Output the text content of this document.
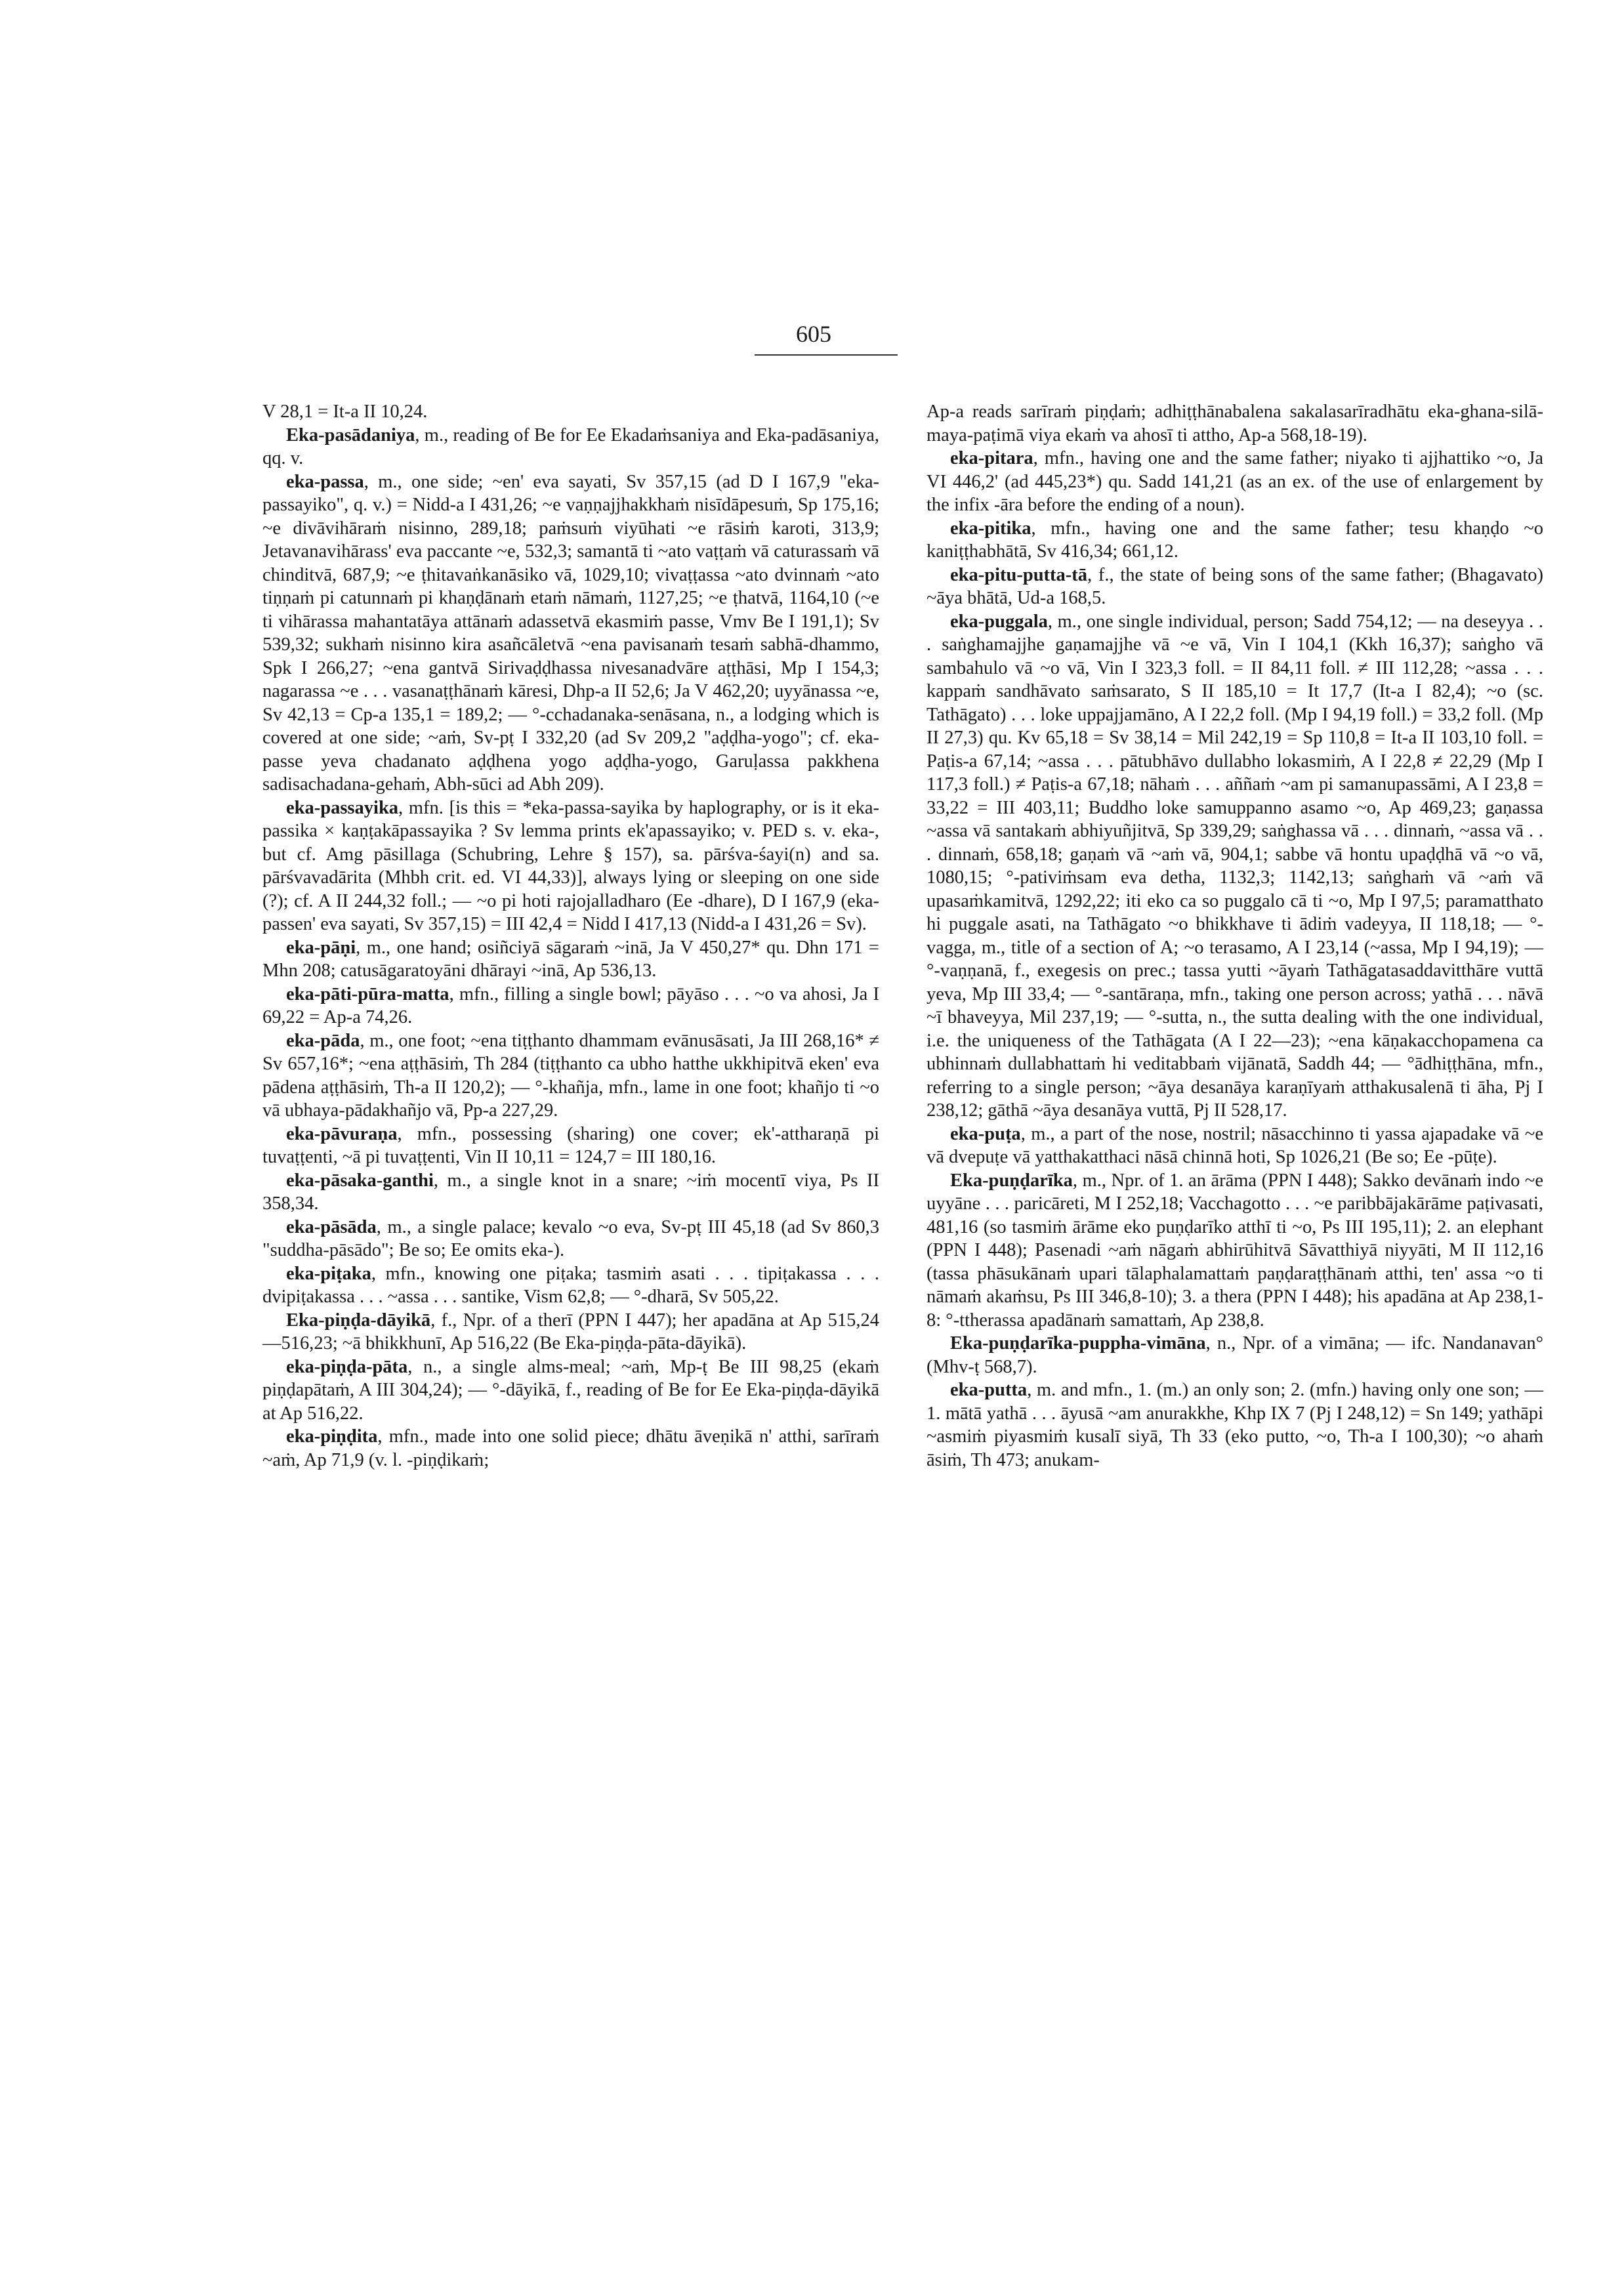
605

V 28,1 = It-a II 10,24.

Eka-pasādaniya, m., reading of Be for Ee Ekadaṁsaniya and Eka-padāsaniya, qq. v.

eka-passa, m., one side; ~en' eva sayati, Sv 357,15 (ad D I 167,9 "eka-passayiko", q. v.) = Nidd-a I 431,26; ~e vaṇṇajjhakkhaṁ nisīdāpesuṁ, Sp 175,16; ~e divāvihāraṁ nisinno, 289,18; paṁsuṁ viyūhati ~e rāsiṁ karoti, 313,9; Jetavanavihārass' eva paccante ~e, 532,3; samantā ti ~ato vaṭṭaṁ vā caturassaṁ vā chinditvā, 687,9; ~e ṭhitavaṅkanāsiko vā, 1029,10; vivaṭṭassa ~ato dvinnaṁ ~ato tiṇṇaṁ pi catunnaṁ pi khaṇḍānaṁ etaṁ nāmaṁ, 1127,25; ~e ṭhatvā, 1164,10 (~e ti vihārassa mahantatāya attānaṁ adassetvā ekasmiṁ passe, Vmv Be I 191,1); Sv 539,32; sukhaṁ nisinno kira asañcāletvā ~ena pavisanaṁ tesaṁ sabhā-dhammo, Spk I 266,27; ~ena gantvā Sirivaḍḍhassa nivesanadvāre aṭṭhāsi, Mp I 154,3; nagarassa ~e . . . vasanaṭṭhānaṁ kāresi, Dhp-a II 52,6; Ja V 462,20; uyyānassa ~e, Sv 42,13 = Cp-a 135,1 = 189,2; — °-cchadanaka-senāsana, n., a lodging which is covered at one side; ~aṁ, Sv-pṭ I 332,20 (ad Sv 209,2 "aḍḍha-yogo"; cf. eka-passe yeva chadanato aḍḍhena yogo aḍḍha-yogo, Garuḷassa pakkhena sadisachadana-gehaṁ, Abh-sūci ad Abh 209).

eka-passayika, mfn. [is this = *eka-passa-sayika by haplography, or is it eka-passika × kaṇṭakāpassayika ? Sv lemma prints ek'apassayiko; v. PED s. v. eka-, but cf. Amg pāsillaga (Schubring, Lehre § 157), sa. pārśva-śayi(n) and sa. pārśvavadārita (Mhbh crit. ed. VI 44,33)], always lying or sleeping on one side (?); cf. A II 244,32 foll.; — ~o pi hoti rajojalladharo (Ee -dhare), D I 167,9 (eka-passen' eva sayati, Sv 357,15) = III 42,4 = Nidd I 417,13 (Nidd-a I 431,26 = Sv).

eka-pāṇi, m., one hand; osiñciyā sāgaraṁ ~inā, Ja V 450,27* qu. Dhn 171 = Mhn 208; catusāgaratoyāni dhārayi ~inā, Ap 536,13.

eka-pāti-pūra-matta, mfn., filling a single bowl; pāyāso . . . ~o va ahosi, Ja I 69,22 = Ap-a 74,26.

eka-pāda, m., one foot; ~ena tiṭṭhanto dhammam evānusāsati, Ja III 268,16* ≠ Sv 657,16*; ~ena aṭṭhāsiṁ, Th 284 (tiṭṭhanto ca ubho hatthe ukkhipitvā eken' eva pādena aṭṭhāsiṁ, Th-a II 120,2); — °-khañja, mfn., lame in one foot; khañjo ti ~o vā ubhaya-pādakhañjo vā, Pp-a 227,29.

eka-pāvuraṇa, mfn., possessing (sharing) one cover; ek'-attharaṇā pi tuvaṭṭenti, ~ā pi tuvaṭṭenti, Vin II 10,11 = 124,7 = III 180,16.

eka-pāsaka-ganthi, m., a single knot in a snare; ~iṁ mocentī viya, Ps II 358,34.

eka-pāsāda, m., a single palace; kevalo ~o eva, Sv-pṭ III 45,18 (ad Sv 860,3 "suddha-pāsādo"; Be so; Ee omits eka-).

eka-piṭaka, mfn., knowing one piṭaka; tasmiṁ asati . . . tipiṭakassa . . . dvipiṭakassa . . . ~assa . . . santike, Vism 62,8; — °-dharā, Sv 505,22.

Eka-piṇḍa-dāyikā, f., Npr. of a therī (PPN I 447); her apadāna at Ap 515,24—516,23; ~ā bhikkhunī, Ap 516,22 (Be Eka-piṇḍa-pāta-dāyikā).

eka-piṇḍa-pāta, n., a single alms-meal; ~aṁ, Mp-ṭ Be III 98,25 (ekaṁ piṇḍapātaṁ, A III 304,24); — °-dāyikā, f., reading of Be for Ee Eka-piṇḍa-dāyikā at Ap 516,22.

eka-piṇḍita, mfn., made into one solid piece; dhātu āveṇikā n' atthi, sarīraṁ ~aṁ, Ap 71,9 (v. l. -piṇḍikaṁ;

Ap-a reads sarīraṁ piṇḍaṁ; adhiṭṭhānabalena sakalasarīradhātu eka-ghana-silā-maya-paṭimā viya ekaṁ va ahosī ti attho, Ap-a 568,18-19).

eka-pitara, mfn., having one and the same father; niyako ti ajjhattiko ~o, Ja VI 446,2' (ad 445,23*) qu. Sadd 141,21 (as an ex. of the use of enlargement by the infix -āra before the ending of a noun).

eka-pitika, mfn., having one and the same father; tesu khaṇḍo ~o kaniṭṭhabhātā, Sv 416,34; 661,12.

eka-pitu-putta-tā, f., the state of being sons of the same father; (Bhagavato) ~āya bhātā, Ud-a 168,5.

eka-puggala, m., one single individual, person; Sadd 754,12; — na deseyya . . . saṅghamajjhe gaṇamajjhe vā ~e vā, Vin I 104,1 (Kkh 16,37); saṅgho vā sambahulo vā ~o vā, Vin I 323,3 foll. = II 84,11 foll. ≠ III 112,28; ~assa . . . kappaṁ sandhāvato saṁsarato, S II 185,10 = It 17,7 (It-a I 82,4); ~o (sc. Tathāgato) . . . loke uppajjamāno, A I 22,2 foll. (Mp I 94,19 foll.) = 33,2 foll. (Mp II 27,3) qu. Kv 65,18 = Sv 38,14 = Mil 242,19 = Sp 110,8 = It-a II 103,10 foll. = Paṭis-a 67,14; ~assa . . . pātubhāvo dullabho lokasmiṁ, A I 22,8 ≠ 22,29 (Mp I 117,3 foll.) ≠ Paṭis-a 67,18; nāhaṁ . . . aññaṁ ~am pi samanupassāmi, A I 23,8 = 33,22 = III 403,11; Buddho loke samuppanno asamo ~o, Ap 469,23; gaṇassa ~assa vā santakaṁ abhiyuñjitvā, Sp 339,29; saṅghassa vā . . . dinnaṁ, ~assa vā . . . dinnaṁ, 658,18; gaṇaṁ vā ~aṁ vā, 904,1; sabbe vā hontu upaḍḍhā vā ~o vā, 1080,15; °-pativiṁsam eva detha, 1132,3; 1142,13; saṅghaṁ vā ~aṁ vā upasaṁkamitvā, 1292,22; iti eko ca so puggalo cā ti ~o, Mp I 97,5; paramatthato hi puggale asati, na Tathāgato ~o bhikkhave ti ādiṁ vadeyya, II 118,18; — °-vagga, m., title of a section of A; ~o terasamo, A I 23,14 (~assa, Mp I 94,19); — °-vaṇṇanā, f., exegesis on prec.; tassa yutti ~āyaṁ Tathāgatasaddavitthāre vuttā yeva, Mp III 33,4; — °-santāraṇa, mfn., taking one person across; yathā . . . nāvā ~ī bhaveyya, Mil 237,19; — °-sutta, n., the sutta dealing with the one individual, i.e. the uniqueness of the Tathāgata (A I 22—23); ~ena kāṇakacchopamena ca ubhinnaṁ dullabhattaṁ hi veditabbaṁ vijānatā, Saddh 44; — °ādhiṭṭhāna, mfn., referring to a single person; ~āya desanāya karaṇīyaṁ atthakusalenā ti āha, Pj I 238,12; gāthā ~āya desanāya vuttā, Pj II 528,17.

eka-puṭa, m., a part of the nose, nostril; nāsacchinno ti yassa ajapadake vā ~e vā dvepuṭe vā yatthakatthaci nāsā chinnā hoti, Sp 1026,21 (Be so; Ee -pūṭe).

Eka-puṇḍarīka, m., Npr. of 1. an ārāma (PPN I 448); Sakko devānaṁ indo ~e uyyāne . . . paricāreti, M I 252,18; Vacchagotto . . . ~e paribbājakārāme paṭivasati, 481,16 (so tasmiṁ ārāme eko puṇḍarīko atthī ti ~o, Ps III 195,11); 2. an elephant (PPN I 448); Pasenadi ~aṁ nāgaṁ abhirūhitvā Sāvatthiyā niyyāti, M II 112,16 (tassa phāsukānaṁ upari tālaphalamattaṁ paṇḍaraṭṭhānaṁ atthi, ten' assa ~o ti nāmaṁ akaṁsu, Ps III 346,8-10); 3. a thera (PPN I 448); his apadāna at Ap 238,1-8: °-ttherassa apadānaṁ samattaṁ, Ap 238,8.

Eka-puṇḍarīka-puppha-vimāna, n., Npr. of a vimāna; — ifc. Nandanavan° (Mhv-ṭ 568,7).

eka-putta, m. and mfn., 1. (m.) an only son; 2. (mfn.) having only one son; — 1. mātā yathā . . . āyusā ~am anurakkhe, Khp IX 7 (Pj I 248,12) = Sn 149; yathāpi ~asmiṁ piyasmiṁ kusalī siyā, Th 33 (eko putto, ~o, Th-a I 100,30); ~o ahaṁ āsiṁ, Th 473; anukam-
